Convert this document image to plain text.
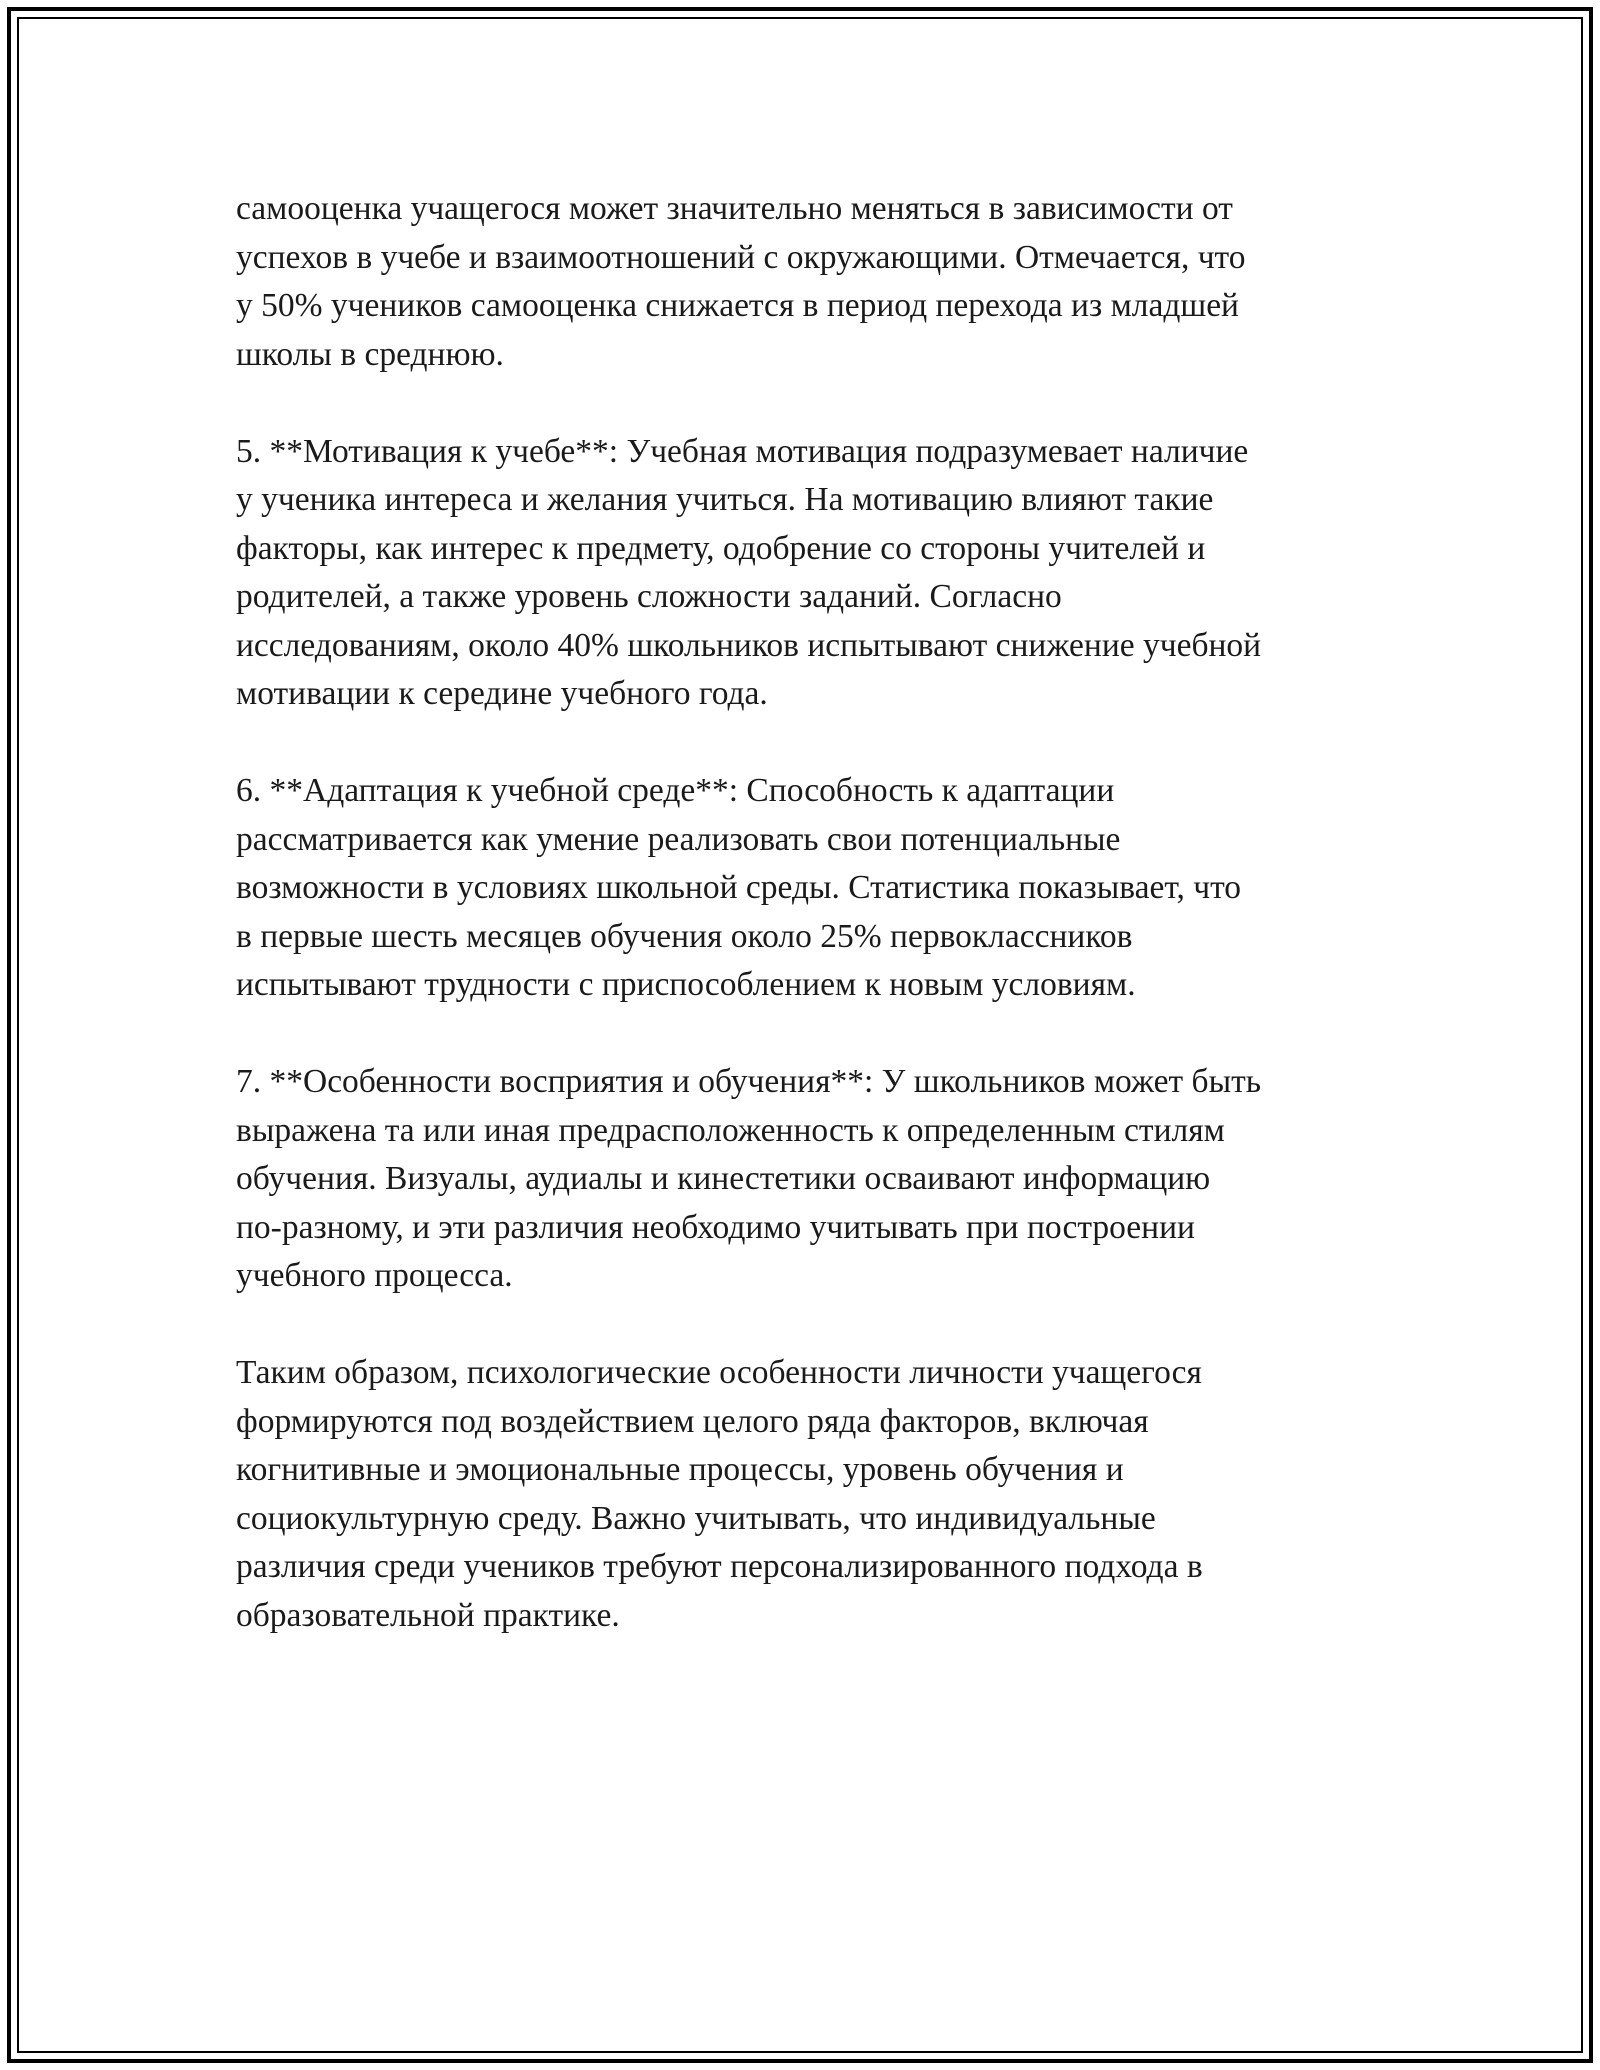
самооценка учащегося может значительно меняться в зависимости от
успехов в учебе и взаимоотношений с окружающими. Отмечается, что
у 50% учеников самооценка снижается в период перехода из младшей
школы в среднюю.

5. **Мотивация к учебе**: Учебная мотивация подразумевает наличие
у ученика интереса и желания учиться. На мотивацию влияют такие
факторы, как интерес к предмету, одобрение со стороны учителей и
родителей, а также уровень сложности заданий. Согласно
исследованиям, около 40% школьников испытывают снижение учебной
мотивации к середине учебного года.

6. **Адаптация к учебной среде**: Способность к адаптации
рассматривается как умение реализовать свои потенциальные
возможности в условиях школьной среды. Статистика показывает, что
в первые шесть месяцев обучения около 25% первоклассников
испытывают трудности с приспособлением к новым условиям.

7. **Особенности восприятия и обучения**: У школьников может быть
выражена та или иная предрасположенность к определенным стилям
обучения. Визуалы, аудиалы и кинестетики осваивают информацию
по-разному, и эти различия необходимо учитывать при построении
учебного процесса.

Таким образом, психологические особенности личности учащегося
формируются под воздействием целого ряда факторов, включая
когнитивные и эмоциональные процессы, уровень обучения и
социокультурную среду. Важно учитывать, что индивидуальные
различия среди учеников требуют персонализированного подхода в
образовательной практике.
